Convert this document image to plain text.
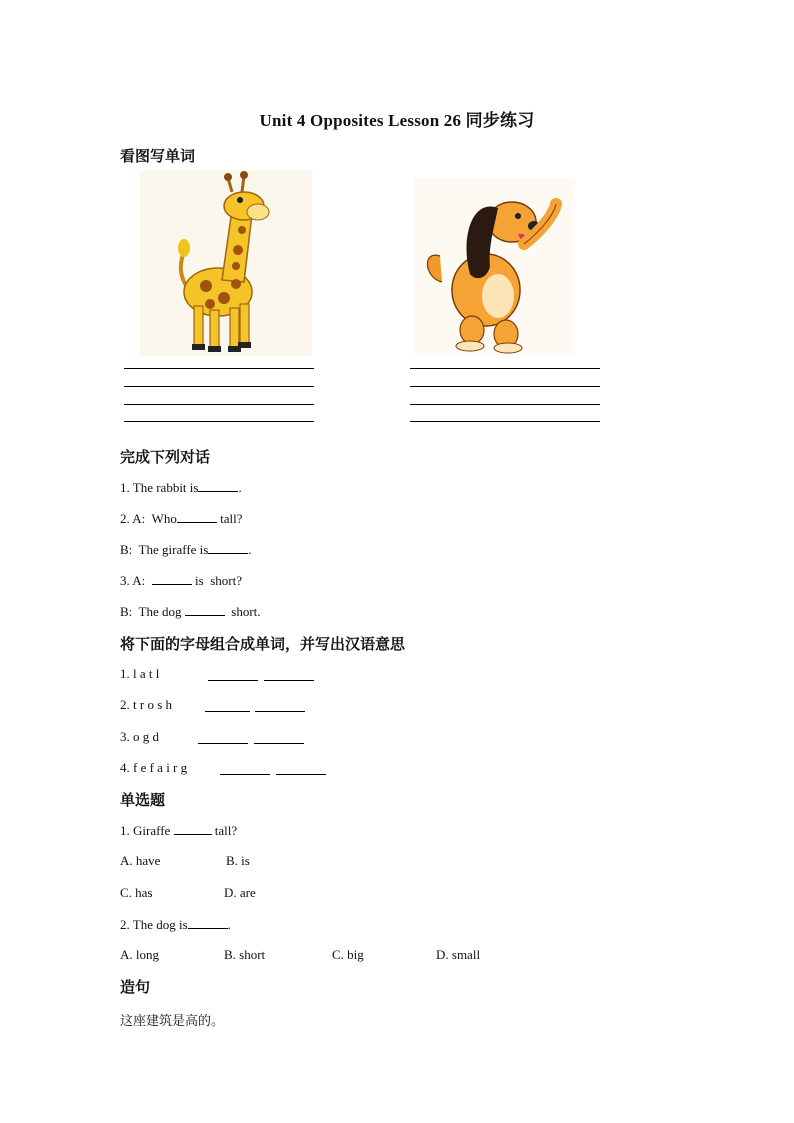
Unit 4 Opposites Lesson 26 同步练习
看图写单词
完成下列对话
1. The rabbit is	.
2. A:  Who	tall?
B:  The giraffe is	.
3. A:	is  short?
B:  The dog	short.
将下面的字母组合成单词，并写出汉语意思
1. l a t l
2. t r o s h
3. o g d
4. f e f a i r g
单选题
1. Giraffe	tall?
A. have	B. is
C. has	D. are
2. The dog is	.
A. long	B. short	C. big	D. small
造句
这座建筑是高的。
